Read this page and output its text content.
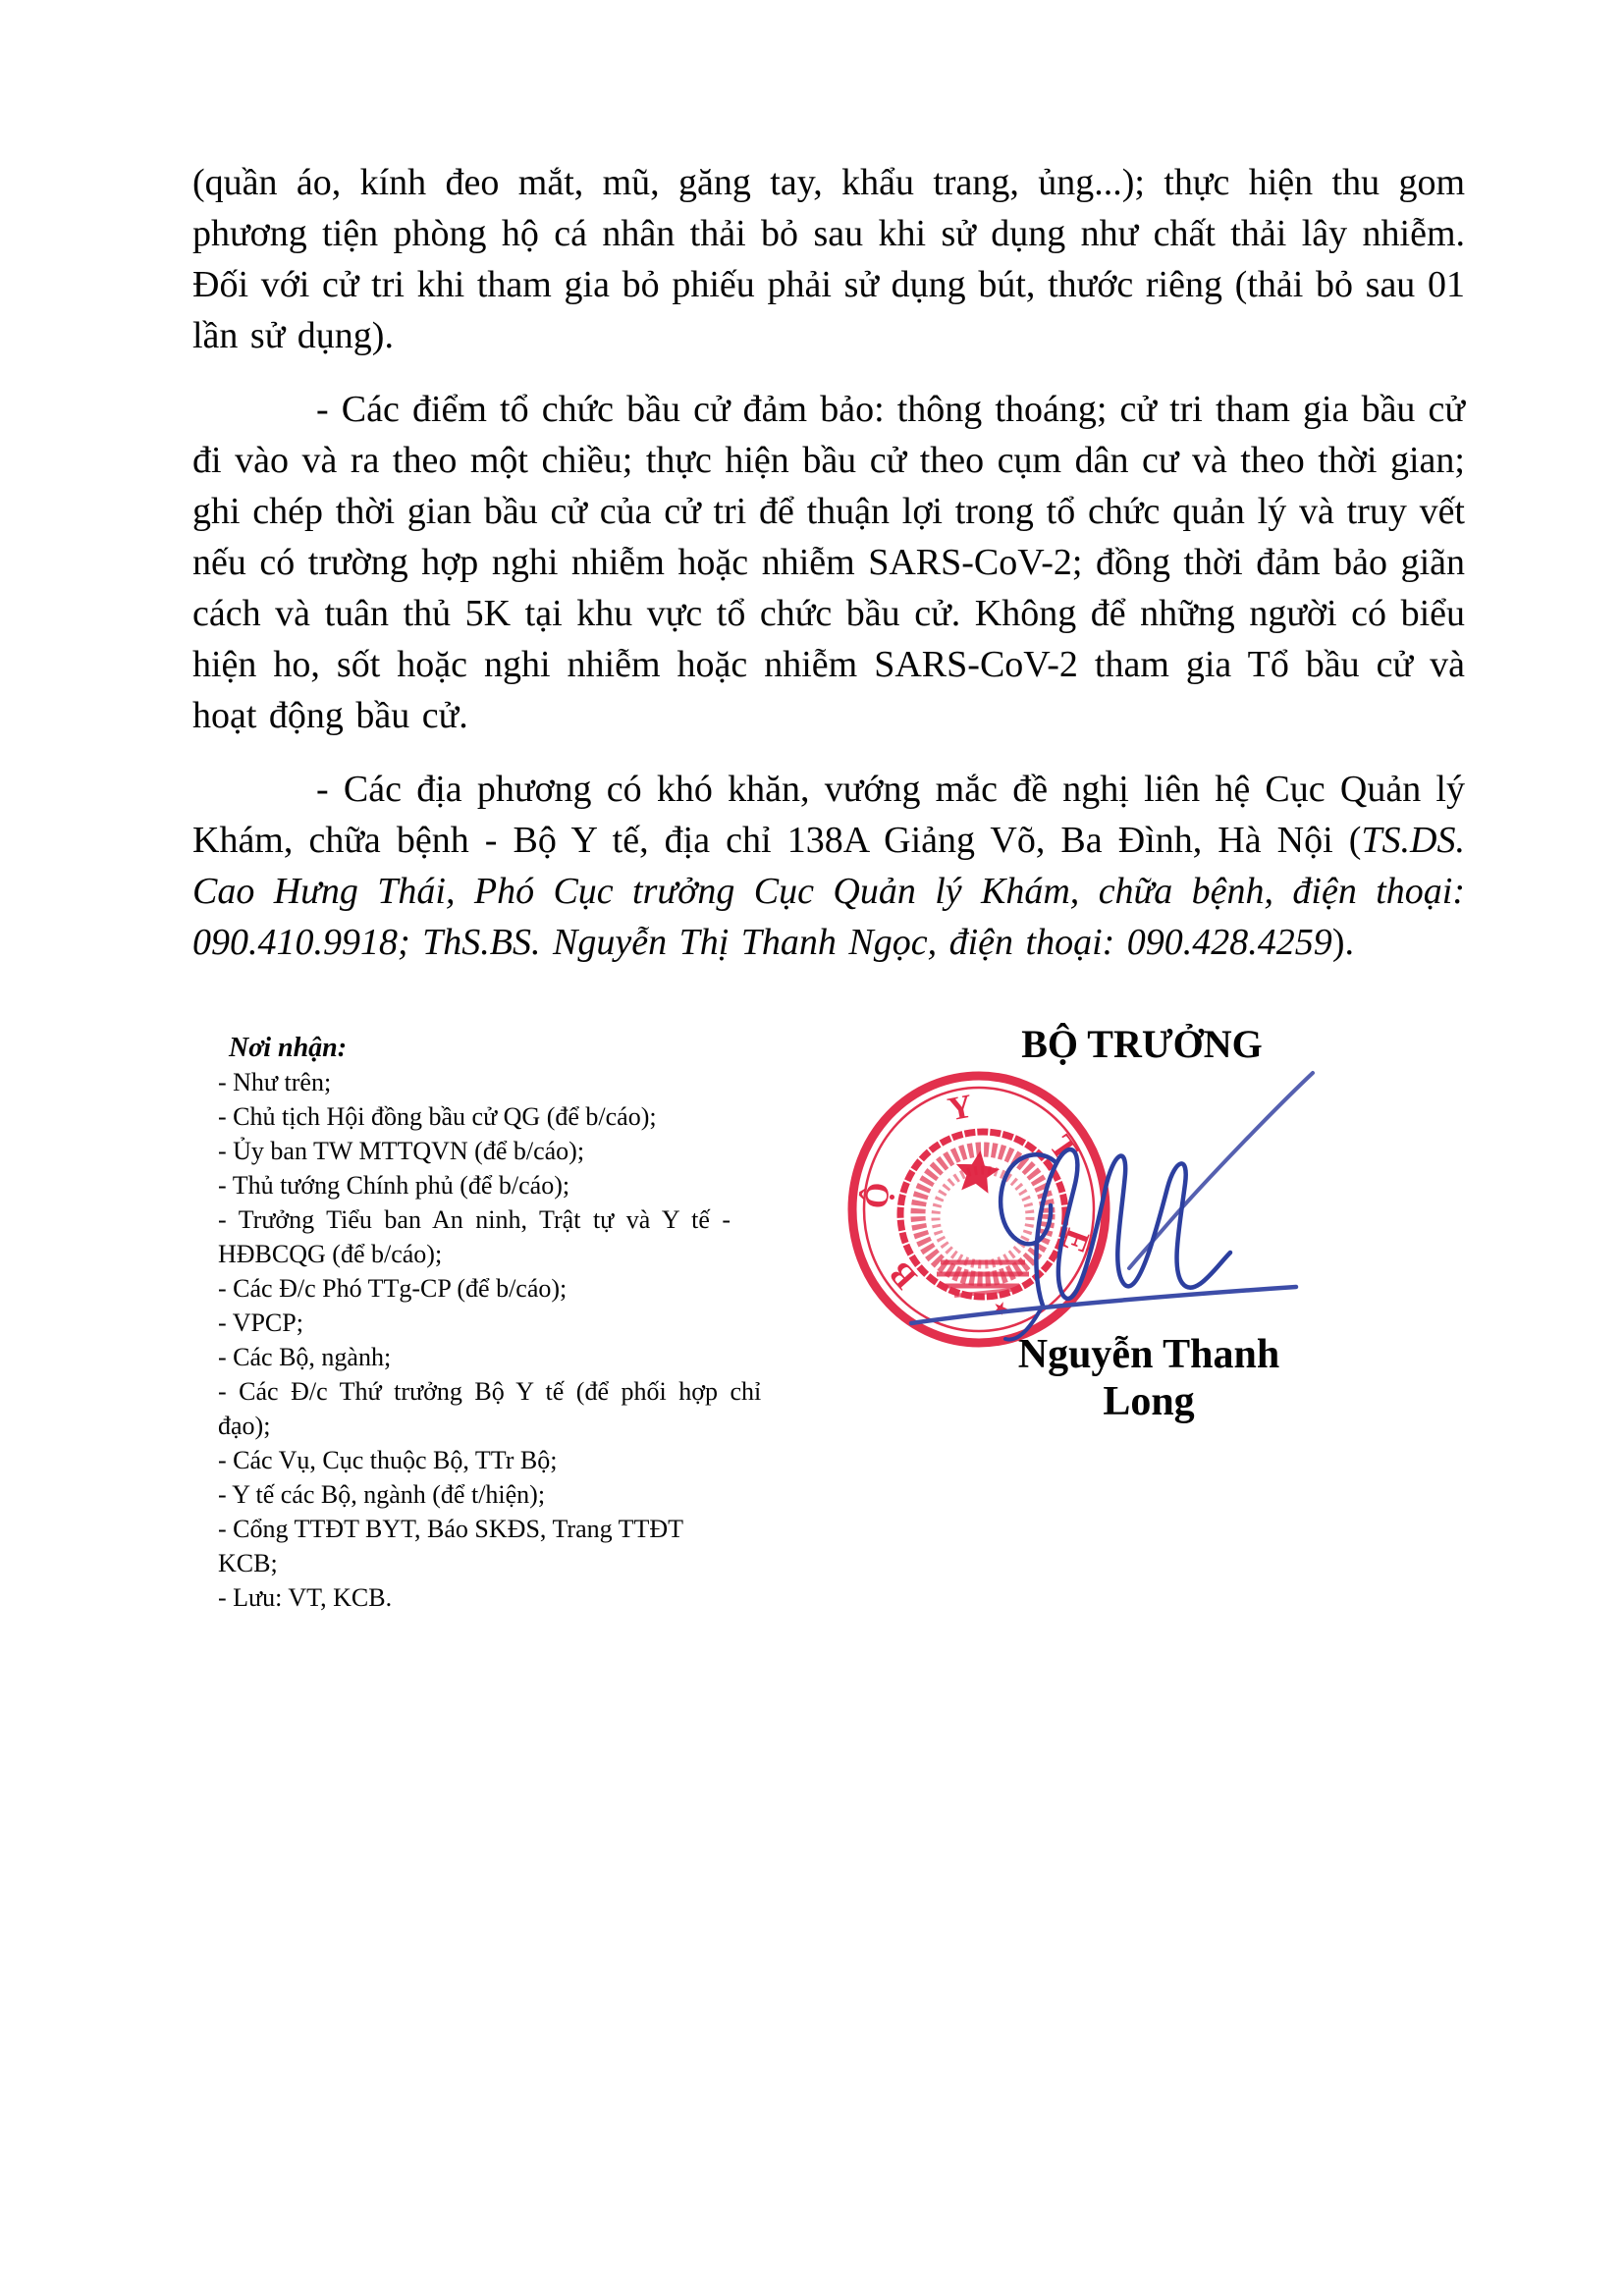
(quần áo, kính đeo mắt, mũ, găng tay, khẩu trang, ủng...); thực hiện thu gom phương tiện phòng hộ cá nhân thải bỏ sau khi sử dụng như chất thải lây nhiễm. Đối với cử tri khi tham gia bỏ phiếu phải sử dụng bút, thước riêng (thải bỏ sau 01 lần sử dụng).

- Các điểm tổ chức bầu cử đảm bảo: thông thoáng; cử tri tham gia bầu cử đi vào và ra theo một chiều; thực hiện bầu cử theo cụm dân cư và theo thời gian; ghi chép thời gian bầu cử của cử tri để thuận lợi trong tổ chức quản lý và truy vết nếu có trường hợp nghi nhiễm hoặc nhiễm SARS-CoV-2; đồng thời đảm bảo giãn cách và tuân thủ 5K tại khu vực tổ chức bầu cử. Không để những người có biểu hiện ho, sốt hoặc nghi nhiễm hoặc nhiễm SARS-CoV-2 tham gia Tổ bầu cử và hoạt động bầu cử.

- Các địa phương có khó khăn, vướng mắc đề nghị liên hệ Cục Quản lý Khám, chữa bệnh - Bộ Y tế, địa chỉ 138A Giảng Võ, Ba Đình, Hà Nội (TS.DS. Cao Hưng Thái, Phó Cục trưởng Cục Quản lý Khám, chữa bệnh, điện thoại: 090.410.9918; ThS.BS. Nguyễn Thị Thanh Ngọc, điện thoại: 090.428.4259).

Nơi nhận:
- Như trên;
- Chủ tịch Hội đồng bầu cử QG (để b/cáo);
- Ủy ban TW MTTQVN (để b/cáo);
- Thủ tướng Chính phủ (để b/cáo);
- Trưởng Tiểu ban An ninh, Trật tự và Y tế -
HĐBCQG (để b/cáo);
- Các Đ/c Phó TTg-CP (để b/cáo);
- VPCP;
- Các Bộ, ngành;
- Các Đ/c Thứ trưởng Bộ Y tế (để phối hợp chỉ
đạo);
- Các Vụ, Cục thuộc Bộ, TTr Bộ;
- Y tế các Bộ, ngành (để t/hiện);
- Cổng TTĐT BYT, Báo SKĐS, Trang TTĐT
KCB;
- Lưu: VT, KCB.
BỘ TRƯỞNG
Nguyễn Thanh Long
Y
Ộ
B
T
Ế
★
